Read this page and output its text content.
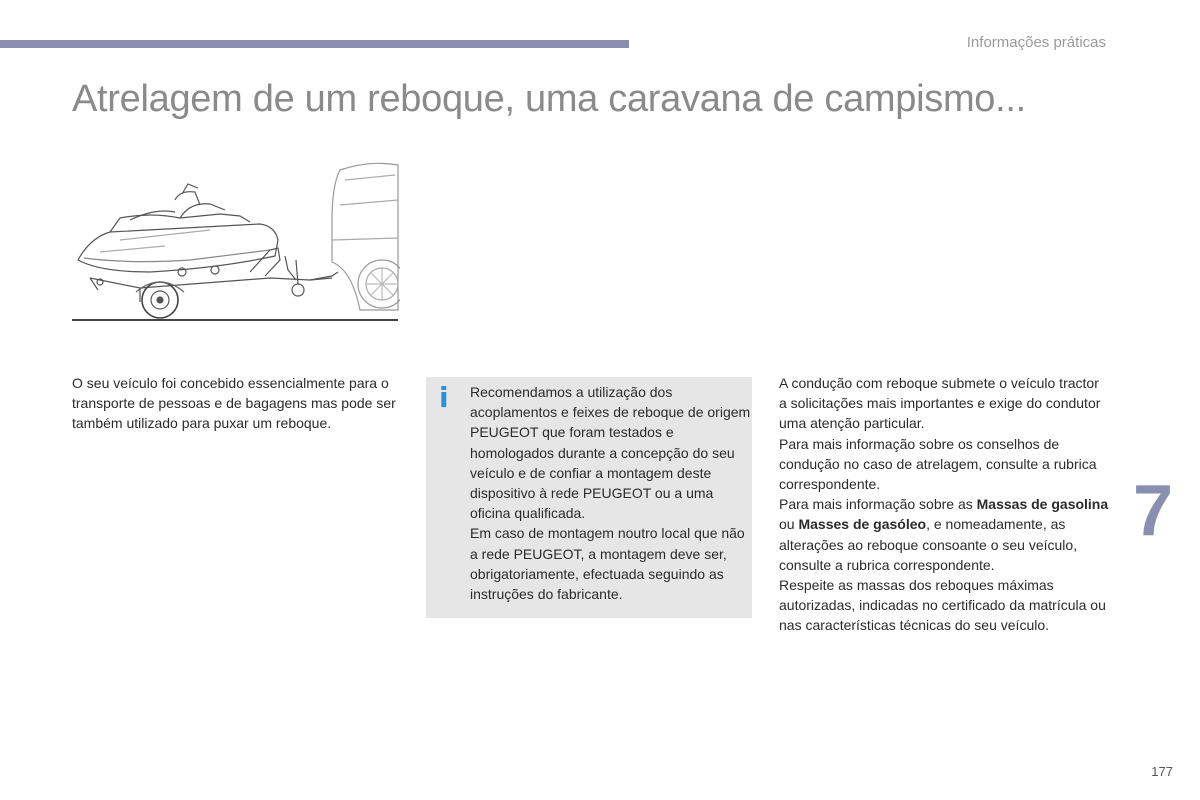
Informações práticas
Atrelagem de um reboque, uma caravana de campismo...

O seu veículo foi concebido essencialmente para o transporte de pessoas e de bagagens mas pode ser também utilizado para puxar um reboque.

i Recomendamos a utilização dos acoplamentos e feixes de reboque de origem PEUGEOT que foram testados e homologados durante a concepção do seu veículo e de confiar a montagem deste dispositivo à rede PEUGEOT ou a uma oficina qualificada.

Em caso de montagem noutro local que não a rede PEUGEOT, a montagem deve ser, obrigatoriamente, efectuada seguindo as instruções do fabricante.

A condução com reboque submete o veículo tractor a solicitações mais importantes e exige do condutor uma atenção particular.

Para mais informação sobre os conselhos de condução no caso de atrelagem, consulte a rubrica correspondente.

Para mais informação sobre as Massas de gasolina ou Masses de gasóleo, e nomeadamente, as alterações ao reboque consoante o seu veículo, consulte a rubrica correspondente.

Respeite as massas dos reboques máximas autorizadas, indicadas no certificado da matrícula ou nas características técnicas do seu veículo.

7
177
